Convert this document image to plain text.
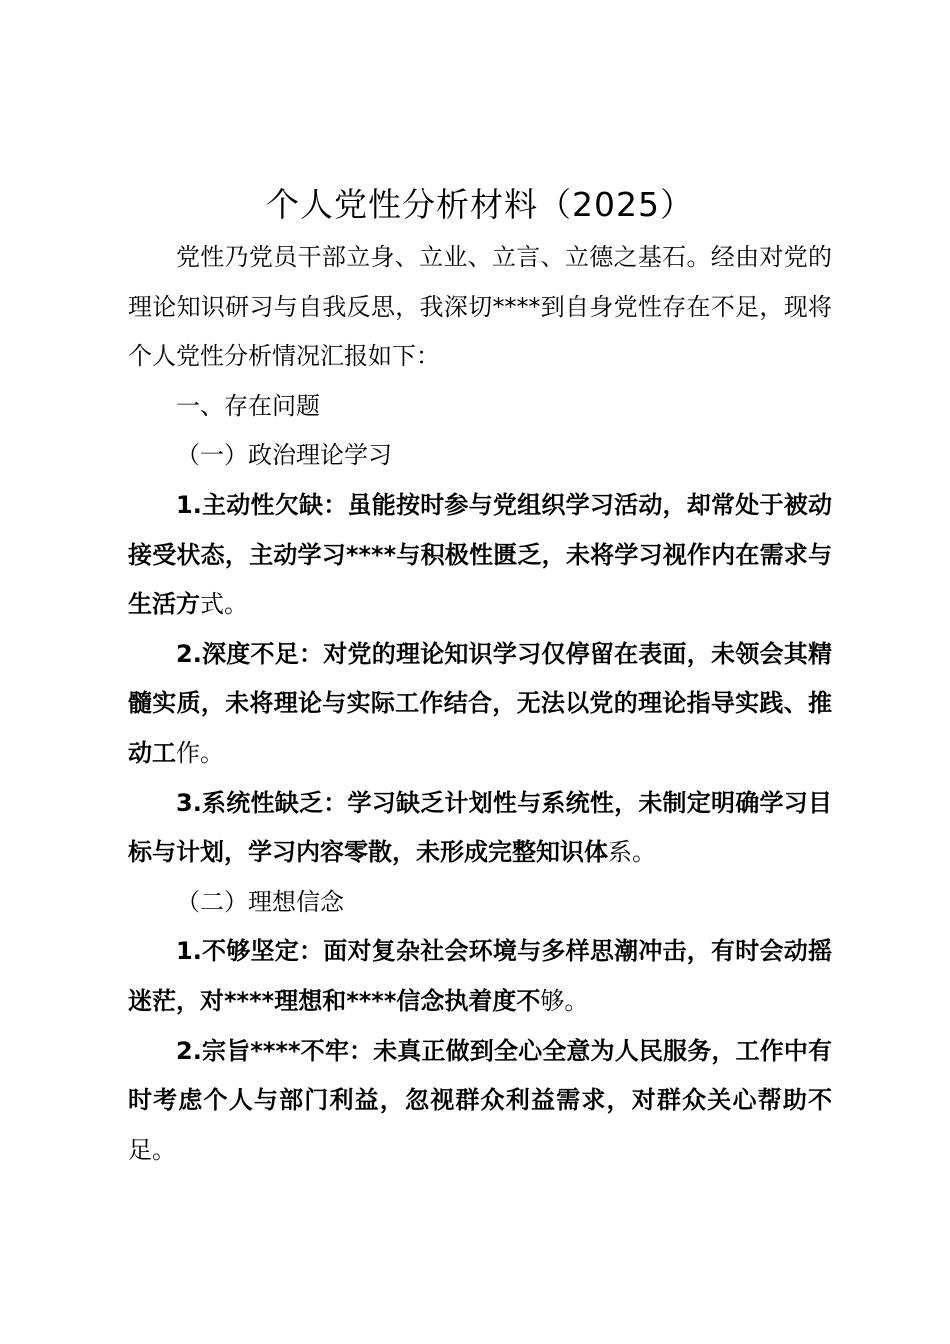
个人党性分析材料（2025）

党性乃党员干部立身、立业、立言、立德之基石。经由对党的理论知识研习与自我反思，我深切****到自身党性存在不足，现将个人党性分析情况汇报如下：

一、存在问题

（一）政治理论学习

1.主动性欠缺：虽能按时参与党组织学习活动，却常处于被动接受状态，主动学习****与积极性匮乏，未将学习视作内在需求与生活方式。

2.深度不足：对党的理论知识学习仅停留在表面，未领会其精髓实质，未将理论与实际工作结合，无法以党的理论指导实践、推动工作。

3.系统性缺乏：学习缺乏计划性与系统性，未制定明确学习目标与计划，学习内容零散，未形成完整知识体系。

（二）理想信念

1.不够坚定：面对复杂社会环境与多样思潮冲击，有时会动摇迷茫，对****理想和****信念执着度不够。

2.宗旨****不牢：未真正做到全心全意为人民服务，工作中有时考虑个人与部门利益，忽视群众利益需求，对群众关心帮助不足。
